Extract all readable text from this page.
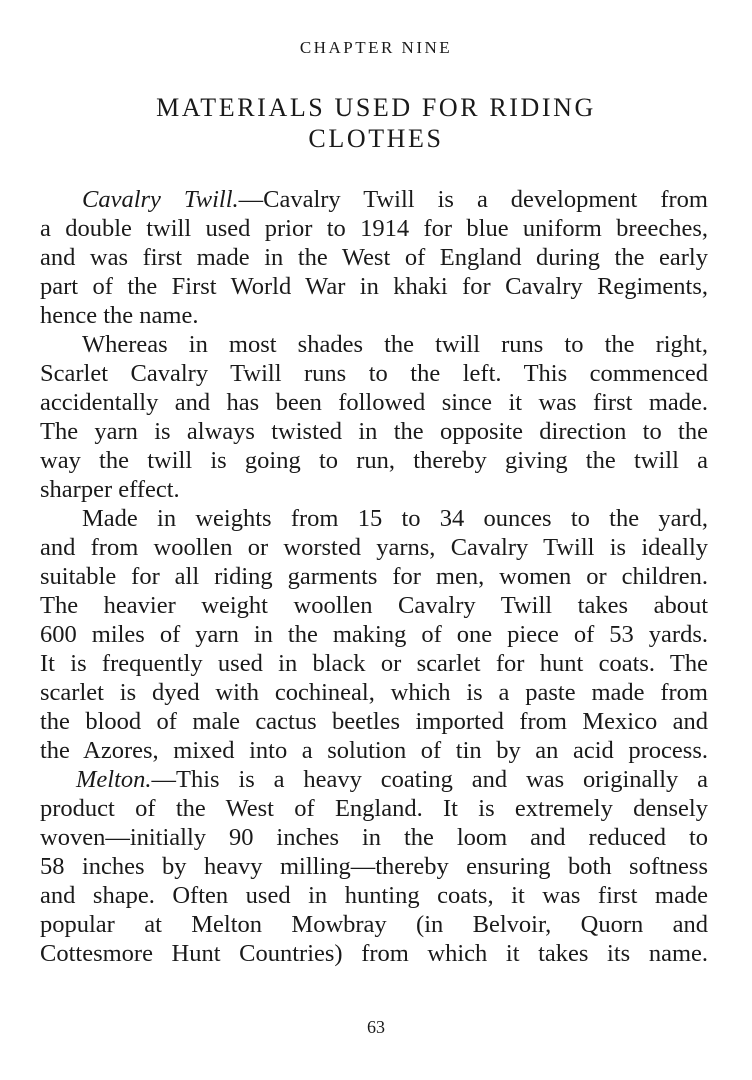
CHAPTER NINE
MATERIALS USED FOR RIDING
CLOTHES
Cavalry Twill.—Cavalry Twill is a development from
a double twill used prior to 1914 for blue uniform breeches,
and was first made in the West of England during the early
part of the First World War in khaki for Cavalry Regiments,
hence the name.
Whereas in most shades the twill runs to the right,
Scarlet Cavalry Twill runs to the left. This commenced
accidentally and has been followed since it was first made.
The yarn is always twisted in the opposite direction to the
way the twill is going to run, thereby giving the twill a
sharper effect.
Made in weights from 15 to 34 ounces to the yard,
and from woollen or worsted yarns, Cavalry Twill is ideally
suitable for all riding garments for men, women or children.
The heavier weight woollen Cavalry Twill takes about
600 miles of yarn in the making of one piece of 53 yards.
It is frequently used in black or scarlet for hunt coats. The
scarlet is dyed with cochineal, which is a paste made from
the blood of male cactus beetles imported from Mexico and
the Azores, mixed into a solution of tin by an acid process.
Melton.—This is a heavy coating and was originally a
product of the West of England. It is extremely densely
woven—initially 90 inches in the loom and reduced to
58 inches by heavy milling—thereby ensuring both softness
and shape. Often used in hunting coats, it was first made
popular at Melton Mowbray (in Belvoir, Quorn and
Cottesmore Hunt Countries) from which it takes its name.
63
